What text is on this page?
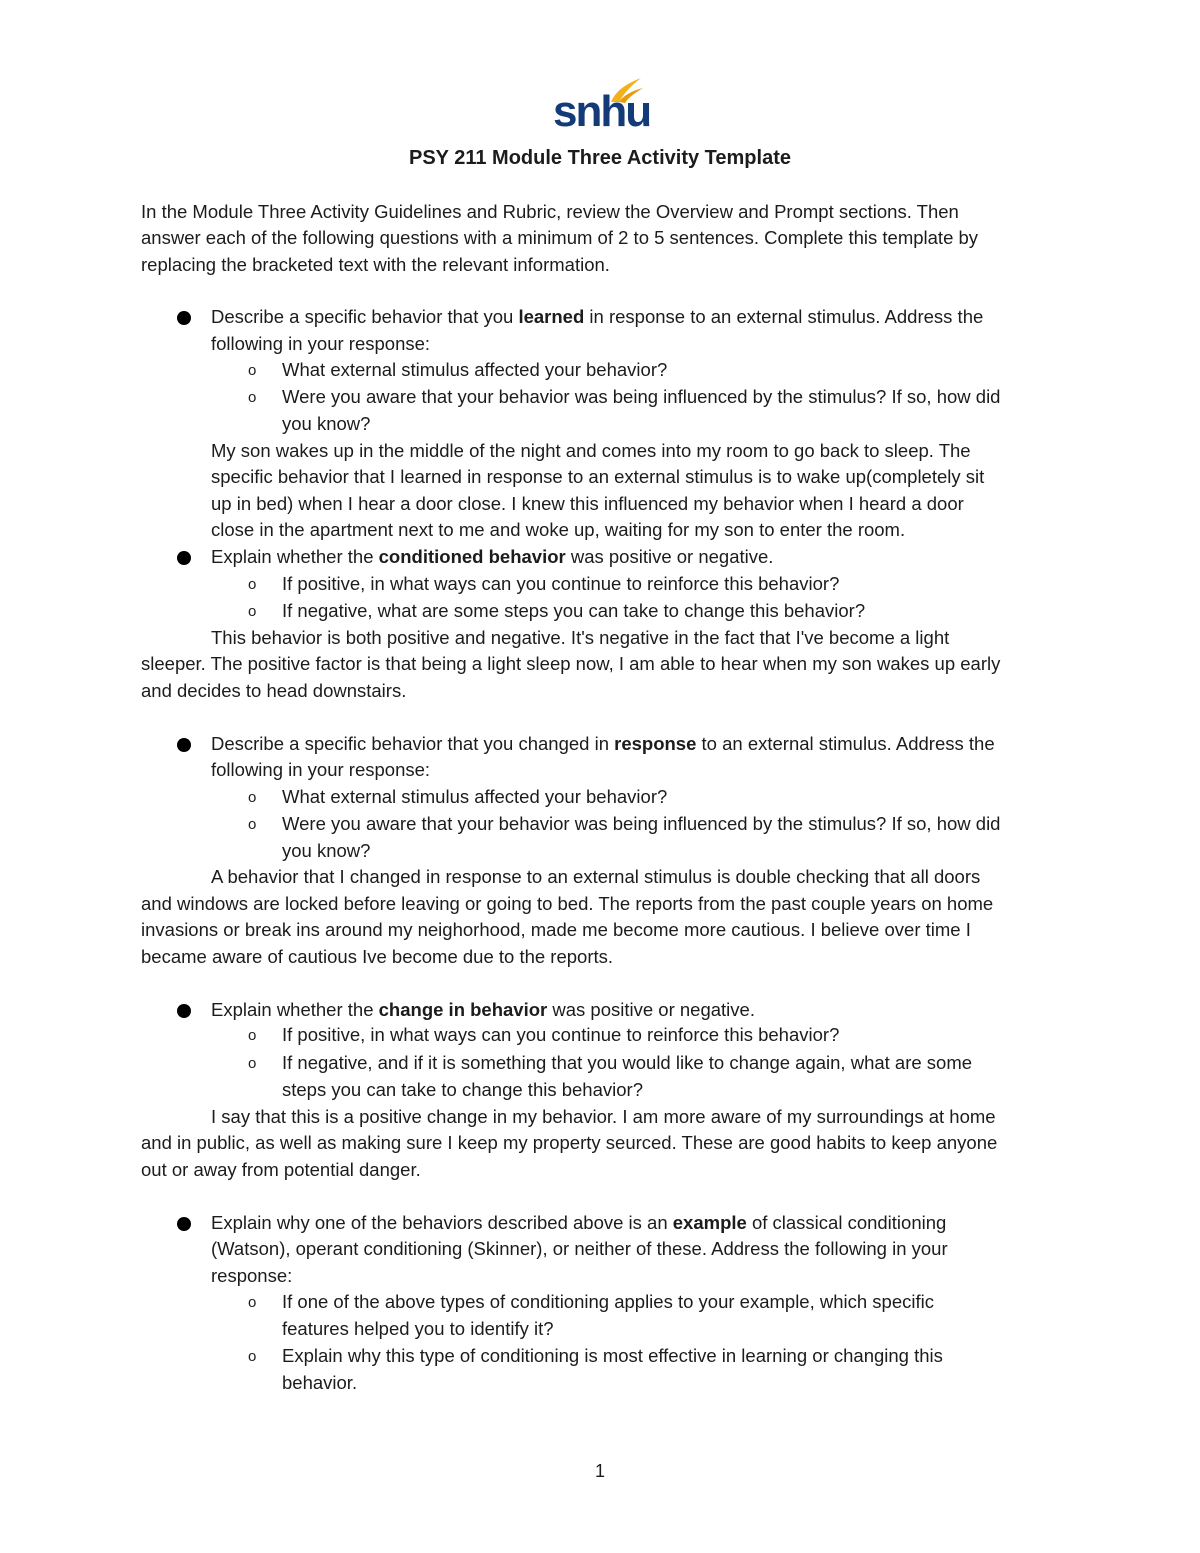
snhu
PSY 211 Module Three Activity Template
In the Module Three Activity Guidelines and Rubric, review the Overview and Prompt sections. Then
answer each of the following questions with a minimum of 2 to 5 sentences. Complete this template by
replacing the bracketed text with the relevant information.
Describe a specific behavior that you learned in response to an external stimulus. Address the
following in your response:
o What external stimulus affected your behavior?
o Were you aware that your behavior was being influenced by the stimulus? If so, how did
you know?
My son wakes up in the middle of the night and comes into my room to go back to sleep. The
specific behavior that I learned in response to an external stimulus is to wake up(completely sit
up in bed) when I hear a door close. I knew this influenced my behavior when I heard a door
close in the apartment next to me and woke up, waiting for my son to enter the room.
Explain whether the conditioned behavior was positive or negative.
o If positive, in what ways can you continue to reinforce this behavior?
o If negative, what are some steps you can take to change this behavior?
This behavior is both positive and negative. It's negative in the fact that I've become a light
sleeper. The positive factor is that being a light sleep now, I am able to hear when my son wakes up early
and decides to head downstairs.
Describe a specific behavior that you changed in response to an external stimulus. Address the
following in your response:
o What external stimulus affected your behavior?
o Were you aware that your behavior was being influenced by the stimulus? If so, how did
you know?
A behavior that I changed in response to an external stimulus is double checking that all doors
and windows are locked before leaving or going to bed. The reports from the past couple years on home
invasions or break ins around my neighorhood, made me become more cautious. I believe over time I
became aware of cautious Ive become due to the reports.
Explain whether the change in behavior was positive or negative.
o If positive, in what ways can you continue to reinforce this behavior?
o If negative, and if it is something that you would like to change again, what are some
steps you can take to change this behavior?
I say that this is a positive change in my behavior. I am more aware of my surroundings at home
and in public, as well as making sure I keep my property seurced. These are good habits to keep anyone
out or away from potential danger.
Explain why one of the behaviors described above is an example of classical conditioning
(Watson), operant conditioning (Skinner), or neither of these. Address the following in your
response:
o If one of the above types of conditioning applies to your example, which specific
features helped you to identify it?
o Explain why this type of conditioning is most effective in learning or changing this
behavior.
1
